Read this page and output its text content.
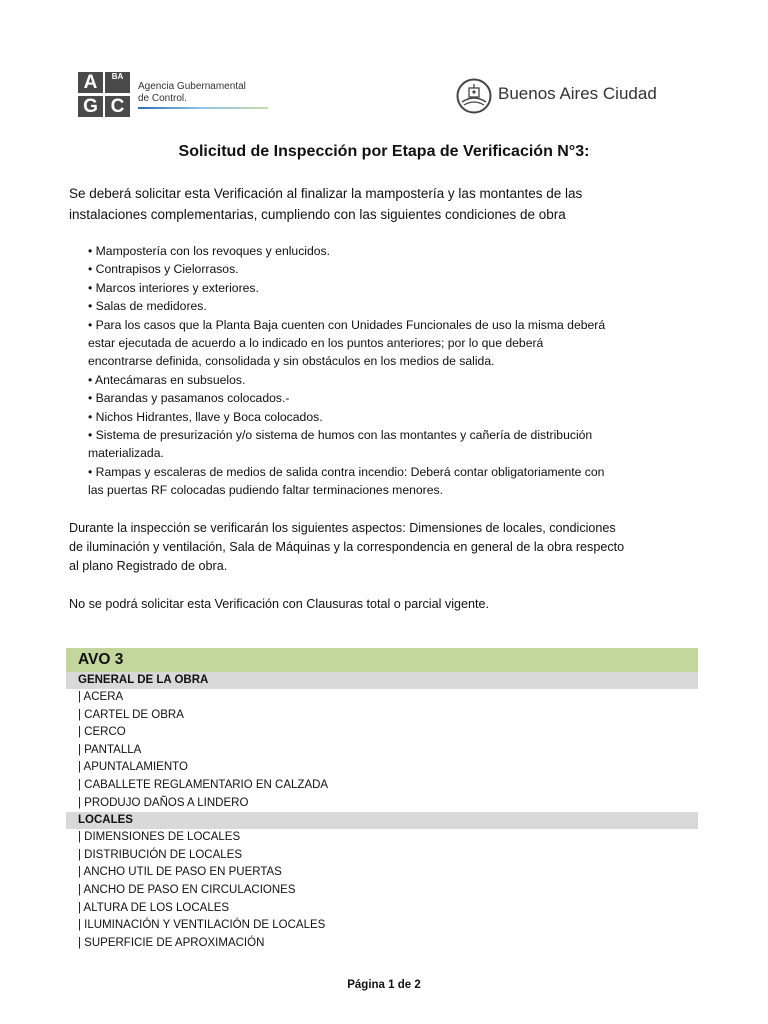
A	BA
G C
Agencia Gubernamental
de Control.	Buenos Aires Ciudad
Solicitud de Inspección por Etapa de Verificación N°3:
Se deberá solicitar esta Verificación al finalizar la mampostería y las montantes de las
instalaciones complementarias, cumpliendo con las siguientes condiciones de obra
• Mampostería con los revoques y enlucidos.
• Contrapisos y Cielorrasos.
• Marcos interiores y exteriores.
• Salas de medidores.
• Para los casos que la Planta Baja cuenten con Unidades Funcionales de uso la misma deberá
estar ejecutada de acuerdo a lo indicado en los puntos anteriores; por lo que deberá
encontrarse definida, consolidada y sin obstáculos en los medios de salida.
• Antecámaras en subsuelos.
• Barandas y pasamanos colocados.-
• Nichos Hidrantes, llave y Boca colocados.
• Sistema de presurización y/o sistema de humos con las montantes y cañería de distribución
materializada.
• Rampas y escaleras de medios de salida contra incendio: Deberá contar obligatoriamente con
las puertas RF colocadas pudiendo faltar terminaciones menores.
Durante la inspección se verificarán los siguientes aspectos: Dimensiones de locales, condiciones
de iluminación y ventilación, Sala de Máquinas y la correspondencia en general de la obra respecto
al plano Registrado de obra.
No se podrá solicitar esta Verificación con Clausuras total o parcial vigente.
AVO 3
GENERAL DE LA OBRA
| ACERA
| CARTEL DE OBRA
| CERCO
| PANTALLA
| APUNTALAMIENTO
| CABALLETE REGLAMENTARIO EN CALZADA
| PRODUJO DAÑOS A LINDERO
LOCALES
| DIMENSIONES DE LOCALES
| DISTRIBUCIÓN DE LOCALES
| ANCHO UTIL DE PASO EN PUERTAS
| ANCHO DE PASO EN CIRCULACIONES
| ALTURA DE LOS LOCALES
| ILUMINACIÓN Y VENTILACIÓN DE LOCALES
| SUPERFICIE DE APROXIMACIÓN
Página 1 de 2
